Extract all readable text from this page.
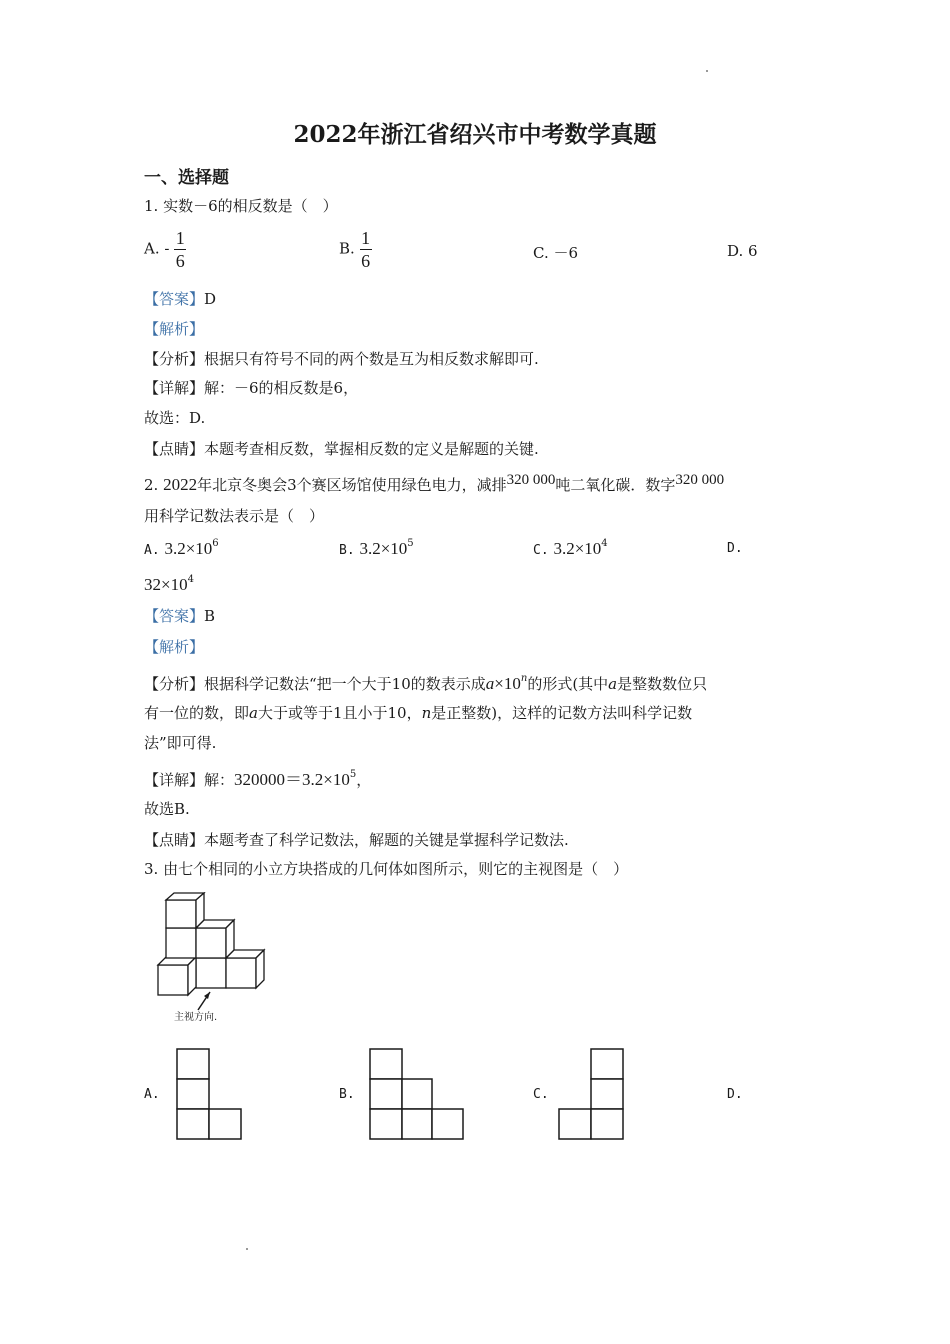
2022年浙江省绍兴市中考数学真题
一、选择题
1. 实数－6的相反数是（　）
A. - $\frac{1}{6}$	B. $\frac{1}{6}$	C. －6	D. 6
【答案】D
【解析】
【分析】根据只有符号不同的两个数是互为相反数求解即可.
【详解】解：－6的相反数是6，
故选：D.
【点睛】本题考查相反数，掌握相反数的定义是解题的关键.
2. 2022年北京冬奥会3个赛区场馆使用绿色电力，减排320 000吨二氧化碳．数字320 000
用科学记数法表示是（　）
A. $3.2\times 10^6$	B. $3.2\times 10^5$	C. $3.2\times 10^4$	D.
$32\times 10^4$
【答案】B
【解析】
【分析】根据科学记数法“把一个大于10的数表示成$a\times 10^n$的形式(其中a是整数数位只
有一位的数，即a大于或等于1且小于10，n是正整数)，这样的记数方法叫科学记数
法”即可得.
【详解】解：$320000=3.2\times 10^5$，
故选B.
【点睛】本题考查了科学记数法，解题的关键是掌握科学记数法.
3. 由七个相同的小立方块搭成的几何体如图所示，则它的主视图是（　）
主视方向.
A.	B.	C.	D.
